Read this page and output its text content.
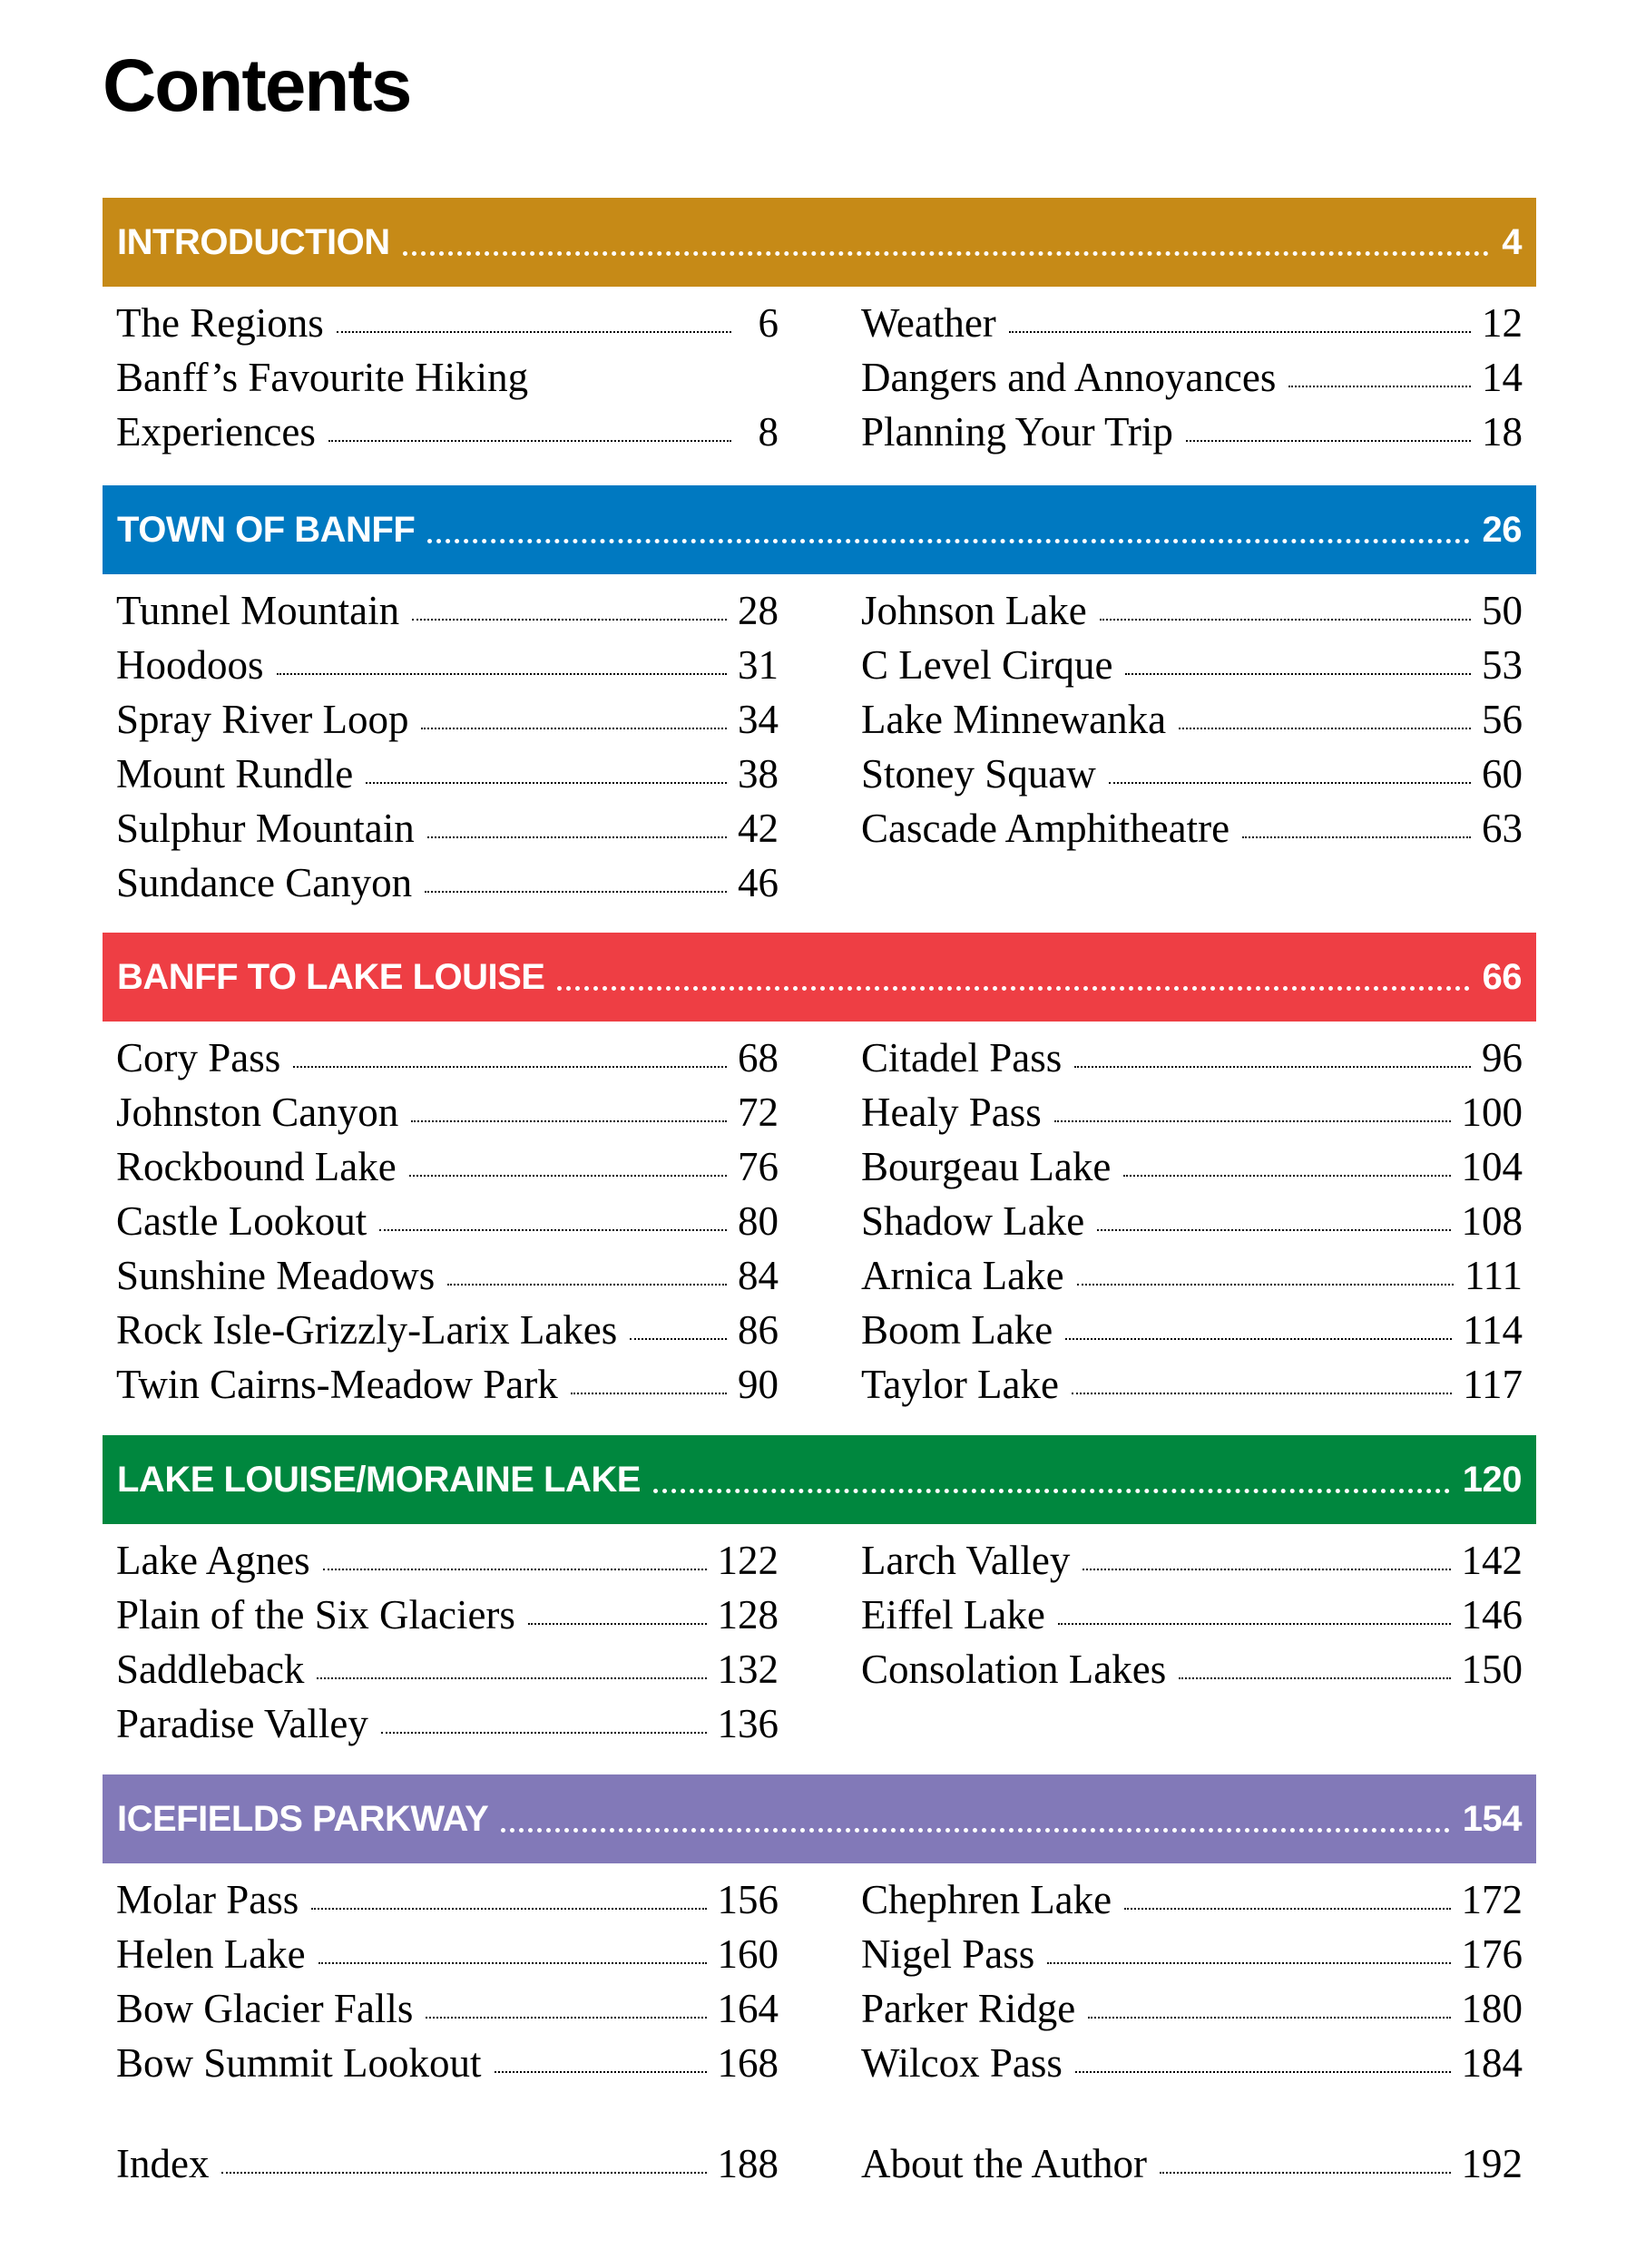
Contents
INTRODUCTION	4
The Regions	6
Banff’s Favourite Hiking
Experiences	8
Weather	12
Dangers and Annoyances	14
Planning Your Trip	18
TOWN OF BANFF	26
Tunnel Mountain	28
Hoodoos	31
Spray River Loop	34
Mount Rundle	38
Sulphur Mountain	42
Sundance Canyon	46
Johnson Lake	50
C Level Cirque	53
Lake Minnewanka	56
Stoney Squaw	60
Cascade Amphitheatre	63
BANFF TO LAKE LOUISE	66
Cory Pass	68
Johnston Canyon	72
Rockbound Lake	76
Castle Lookout	80
Sunshine Meadows	84
Rock Isle-Grizzly-Larix Lakes	86
Twin Cairns-Meadow Park	90
Citadel Pass	96
Healy Pass	100
Bourgeau Lake	104
Shadow Lake	108
Arnica Lake	111
Boom Lake	114
Taylor Lake	117
LAKE LOUISE/MORAINE LAKE	120
Lake Agnes	122
Plain of the Six Glaciers	128
Saddleback	132
Paradise Valley	136
Larch Valley	142
Eiffel Lake	146
Consolation Lakes	150
ICEFIELDS PARKWAY	154
Molar Pass	156
Helen Lake	160
Bow Glacier Falls	164
Bow Summit Lookout	168
Chephren Lake	172
Nigel Pass	176
Parker Ridge	180
Wilcox Pass	184
Index	188 About the Author	192
